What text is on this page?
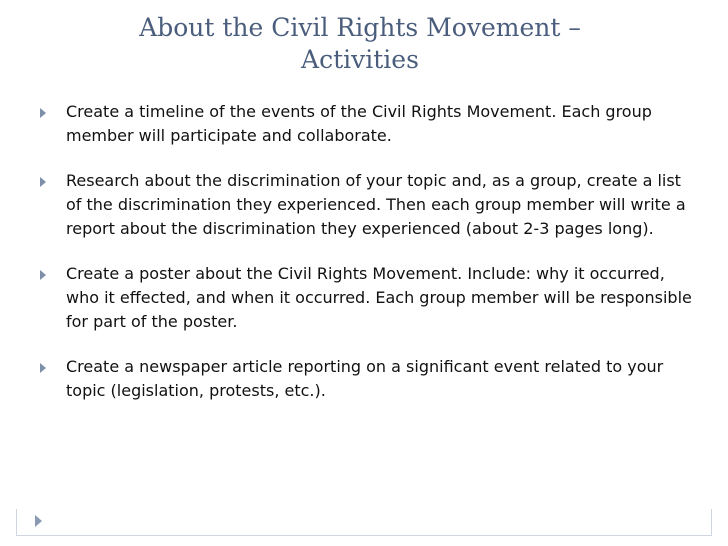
About the Civil Rights Movement –
Activities
Create a timeline of the events of the Civil Rights Movement. Each group member will participate and collaborate.
Research about the discrimination of your topic and, as a group, create a list of the discrimination they experienced. Then each group member will write a report about the discrimination they experienced (about 2-3 pages long).
Create a poster about the Civil Rights Movement. Include: why it occurred, who it effected, and when it occurred. Each group member will be responsible for part of the poster.
Create a newspaper article reporting on a significant event related to your topic (legislation, protests, etc.).
